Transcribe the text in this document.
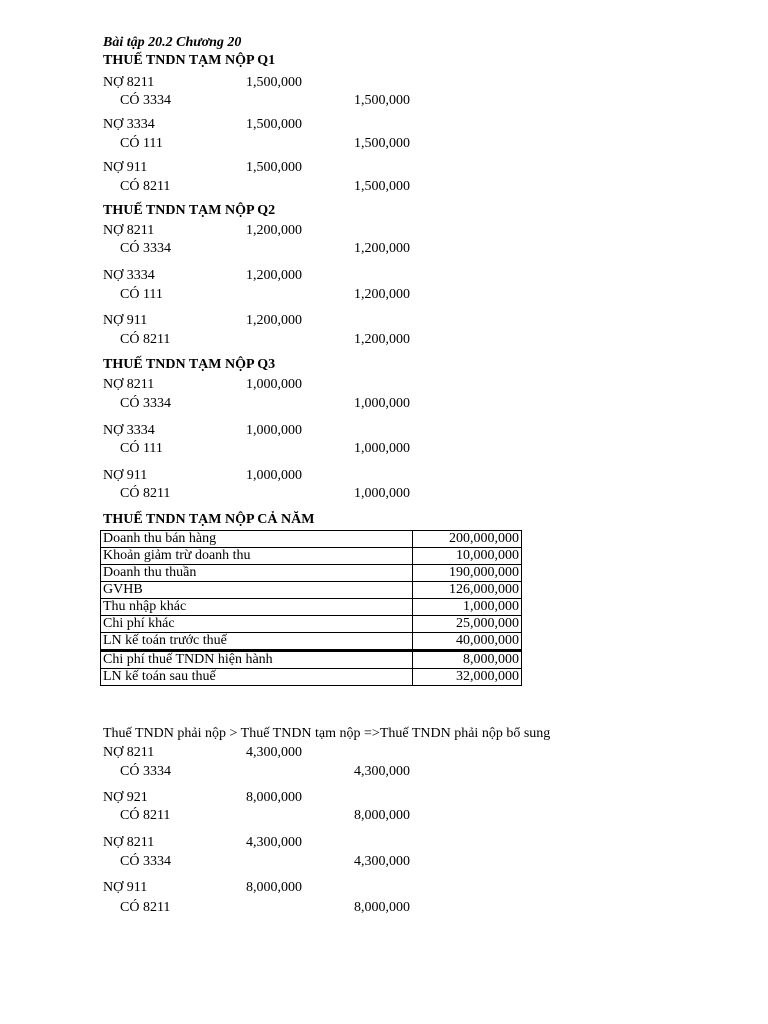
Bài tập 20.2 Chương 20
THUẾ TNDN TẠM NỘP Q1
NỢ 8211	1,500,000
CÓ 3334	1,500,000
NỢ 3334	1,500,000
CÓ 111	1,500,000
NỢ 911	1,500,000
CÓ 8211	1,500,000
THUẾ TNDN TẠM NỘP Q2
NỢ 8211	1,200,000
CÓ 3334	1,200,000
NỢ 3334	1,200,000
CÓ 111	1,200,000
NỢ 911	1,200,000
CÓ 8211	1,200,000
THUẾ TNDN TẠM NỘP Q3
NỢ 8211	1,000,000
CÓ 3334	1,000,000
NỢ 3334	1,000,000
CÓ 111	1,000,000
NỢ 911	1,000,000
CÓ 8211	1,000,000
THUẾ TNDN TẠM NỘP CẢ NĂM
Doanh thu bán hàng	200,000,000
Khoản giảm trừ doanh thu	10,000,000
Doanh thu thuần	190,000,000
GVHB	126,000,000
Thu nhập khác	1,000,000
Chi phí khác	25,000,000
LN kế toán trước thuế	40,000,000
Chi phí thuế TNDN hiện hành	8,000,000
LN kế toán sau thuế	32,000,000
Thuế TNDN phải nộp > Thuế TNDN tạm nộp =>Thuế TNDN phải nộp bổ sung
NỢ 8211	4,300,000
CÓ 3334	4,300,000
NỢ 921	8,000,000
CÓ 8211	8,000,000
NỢ 8211	4,300,000
CÓ 3334	4,300,000
NỢ 911	8,000,000
CÓ 8211	8,000,000
